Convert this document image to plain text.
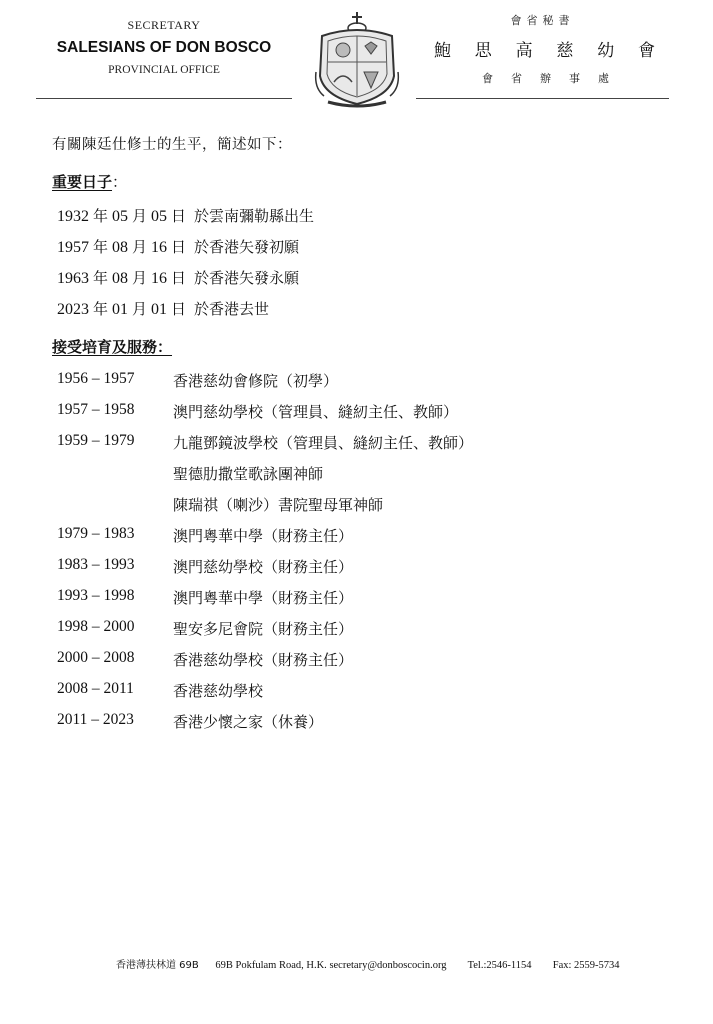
SECRETARY
SALESIANS OF DON BOSCO
PROVINCIAL OFFICE
會省秘書
鮑 思 高 慈 幼 會
會 省 辦 事 處
有關陳廷仕修士的生平，簡述如下：
重要日子：
1932 年 05 月 05 日 於雲南彌勒縣出生
1957 年 08 月 16 日 於香港矢發初願
1963 年 08 月 16 日 於香港矢發永願
2023 年 01 月 01 日 於香港去世
接受培育及服務：
1956 – 1957	香港慈幼會修院（初學）
1957 – 1958	澳門慈幼學校（管理員、縫紉主任、教師）
1959 – 1979	九龍鄧鏡波學校（管理員、縫紉主任、教師）
聖德肋撒堂歌詠團神師
陳瑞祺（喇沙）書院聖母軍神師
1979 – 1983	澳門粵華中學（財務主任）
1983 – 1993	澳門慈幼學校（財務主任）
1993 – 1998	澳門粵華中學（財務主任）
1998 – 2000	聖安多尼會院（財務主任）
2000 – 2008	香港慈幼學校（財務主任）
2008 – 2011	香港慈幼學校
2011 – 2023	香港少懷之家（休養）
香港薄扶林道 69B 69B Pokfulam Road, H.K. secretary@donboscocin.org Tel.:2546-1154 Fax: 2559-5734
